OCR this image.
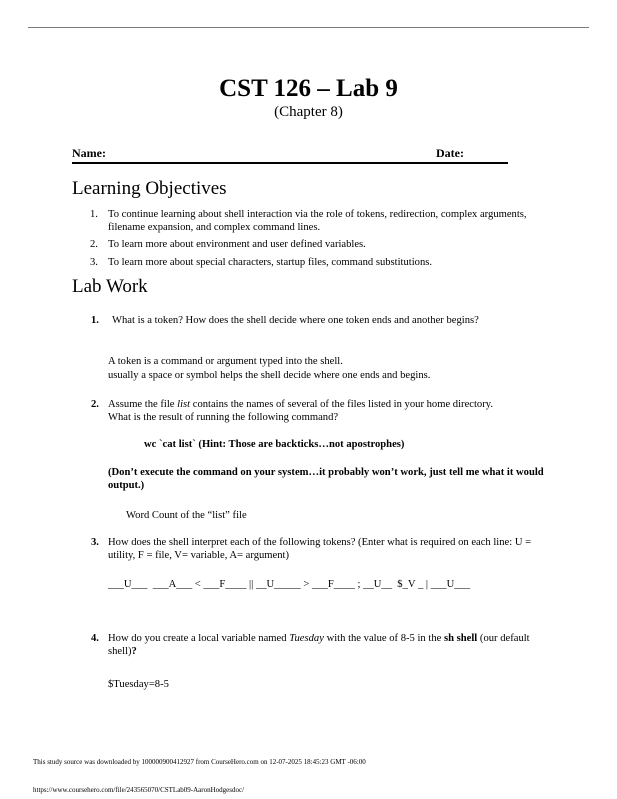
CST 126 – Lab 9
(Chapter 8)
Name:	Date:
Learning Objectives
1. To continue learning about shell interaction via the role of tokens, redirection, complex arguments, filename expansion, and complex command lines.
2. To learn more about environment and user defined variables.
3. To learn more about special characters, startup files, command substitutions.
Lab Work
1. What is a token? How does the shell decide where one token ends and another begins?
A token is a command or argument typed into the shell.
usually a space or symbol helps the shell decide where one ends and begins.
2. Assume the file list contains the names of several of the files listed in your home directory. What is the result of running the following command?
wc `cat list` (Hint: Those are backticks…not apostrophes)
(Don’t execute the command on your system…it probably won’t work, just tell me what it would output.)
Word Count of the “list” file
3. How does the shell interpret each of the following tokens? (Enter what is required on each line: U = utility, F = file, V= variable, A= argument)
___U___  ___A___ < ___F____ || __U_____ > ___F____ ; __U__  $_V _ | ___U___
4. How do you create a local variable named Tuesday with the value of 8-5 in the sh shell (our default shell)?
$Tuesday=8-5
This study source was downloaded by 100000900412927 from CourseHero.com on 12-07-2025 18:45:23 GMT -06:00
https://www.coursehero.com/file/243565070/CSTLab09-AaronHodgesdoc/
